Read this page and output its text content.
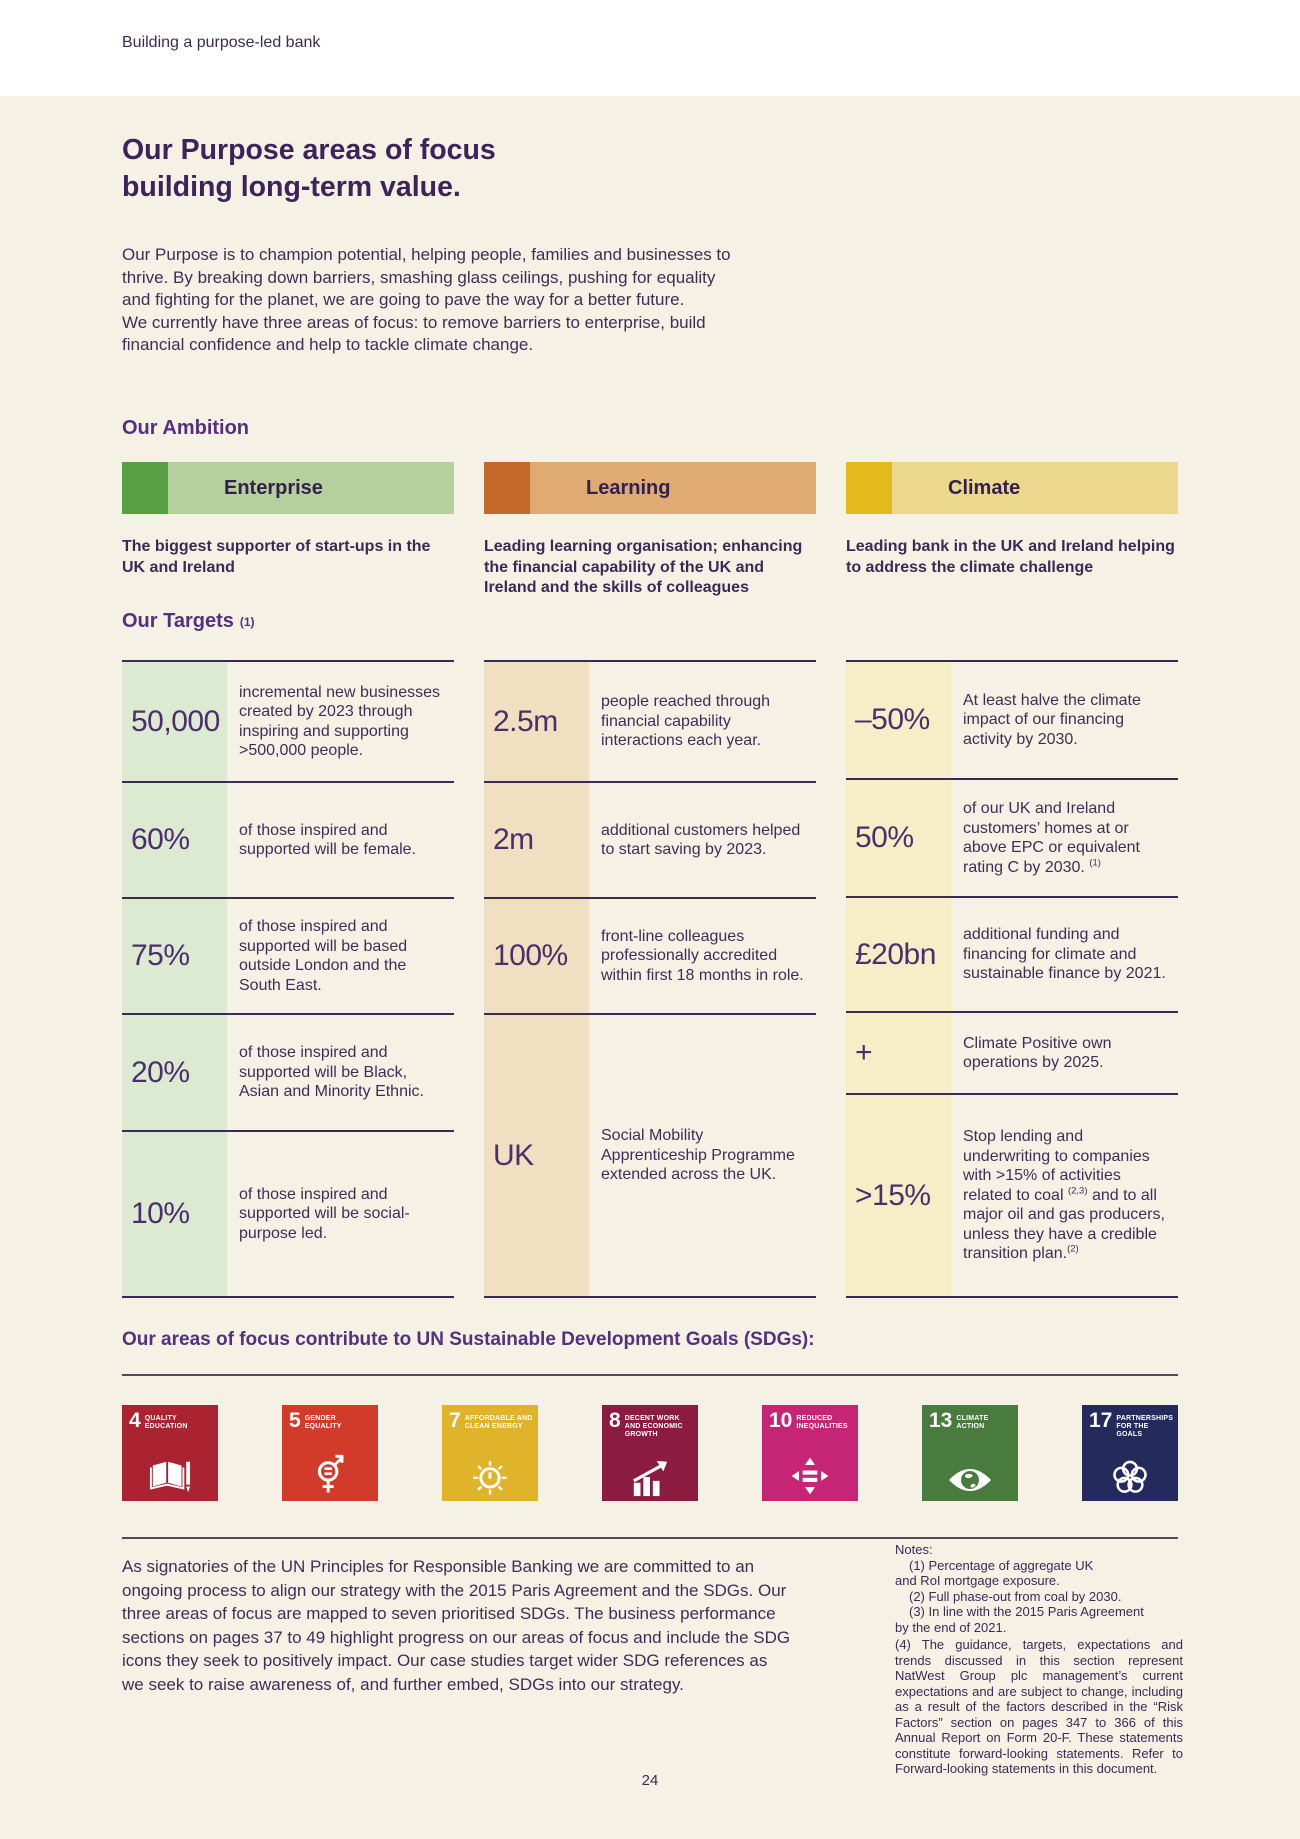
Building a purpose-led bank
Our Purpose areas of focus
building long-term value.
Our Purpose is to champion potential, helping people, families and businesses to
thrive. By breaking down barriers, smashing glass ceilings, pushing for equality
and fighting for the planet, we are going to pave the way for a better future.
We currently have three areas of focus: to remove barriers to enterprise, build
financial confidence and help to tackle climate change.
Our Ambition
Enterprise	Learning	Climate
The biggest supporter of start-ups in the UK and Ireland
Leading learning organisation; enhancing the financial capability of the UK and Ireland and the skills of colleagues
Leading bank in the UK and Ireland helping to address the climate challenge
Our Targets (1)
50,000
incremental new businesses created by 2023 through inspiring and supporting >500,000 people.
60%	of those inspired and supported will be female.
75%
of those inspired and supported will be based outside London and the South East.
20%
of those inspired and supported will be Black, Asian and Minority Ethnic.
10%
of those inspired and supported will be social-purpose led.
2.5m
people reached through financial capability interactions each year.
2m	additional customers helped to start saving by 2023.
100%
front-line colleagues professionally accredited within first 18 months in role.
UK
Social Mobility Apprenticeship Programme extended across the UK.
–50%
At least halve the climate impact of our financing activity by 2030.
50%
of our UK and Ireland customers’ homes at or above EPC or equivalent rating C by 2030. $^{(1)}$
£20bn
additional funding and financing for climate and sustainable finance by 2021.
+	Climate Positive own operations by 2025.
>15%
Stop lending and underwriting to companies with >15% of activities related to coal $^{(2,3)}$ and to all major oil and gas producers, unless they have a credible transition plan.$^{(2)}$
Our areas of focus contribute to UN Sustainable Development Goals (SDGs):
4 QUALITY EDUCATION	5 GENDER EQUALITY	7 AFFORDABLE AND CLEAN ENERGY	8 DECENT WORK AND ECONOMIC GROWTH
10 REDUCED INEQUALITIES	13 CLIMATE ACTION	17 PARTNERSHIPS FOR THE GOALS
As signatories of the UN Principles for Responsible Banking we are committed to an
ongoing process to align our strategy with the 2015 Paris Agreement and the SDGs. Our
three areas of focus are mapped to seven prioritised SDGs. The business performance
sections on pages 37 to 49 highlight progress on our areas of focus and include the SDG
icons they seek to positively impact. Our case studies target wider SDG references as
we seek to raise awareness of, and further embed, SDGs into our strategy.
Notes:
(1) Percentage of aggregate UK
and RoI mortgage exposure.
(2) Full phase-out from coal by 2030.
(3) In line with the 2015 Paris Agreement
by the end of 2021.
(4) The guidance, targets, expectations and trends discussed in this section represent NatWest Group plc management’s current expectations and are subject to change, including as a result of the factors described in the “Risk Factors” section on pages 347 to 366 of this Annual Report on Form 20-F. These statements constitute forward-looking statements. Refer to Forward-looking statements in this document.
24
